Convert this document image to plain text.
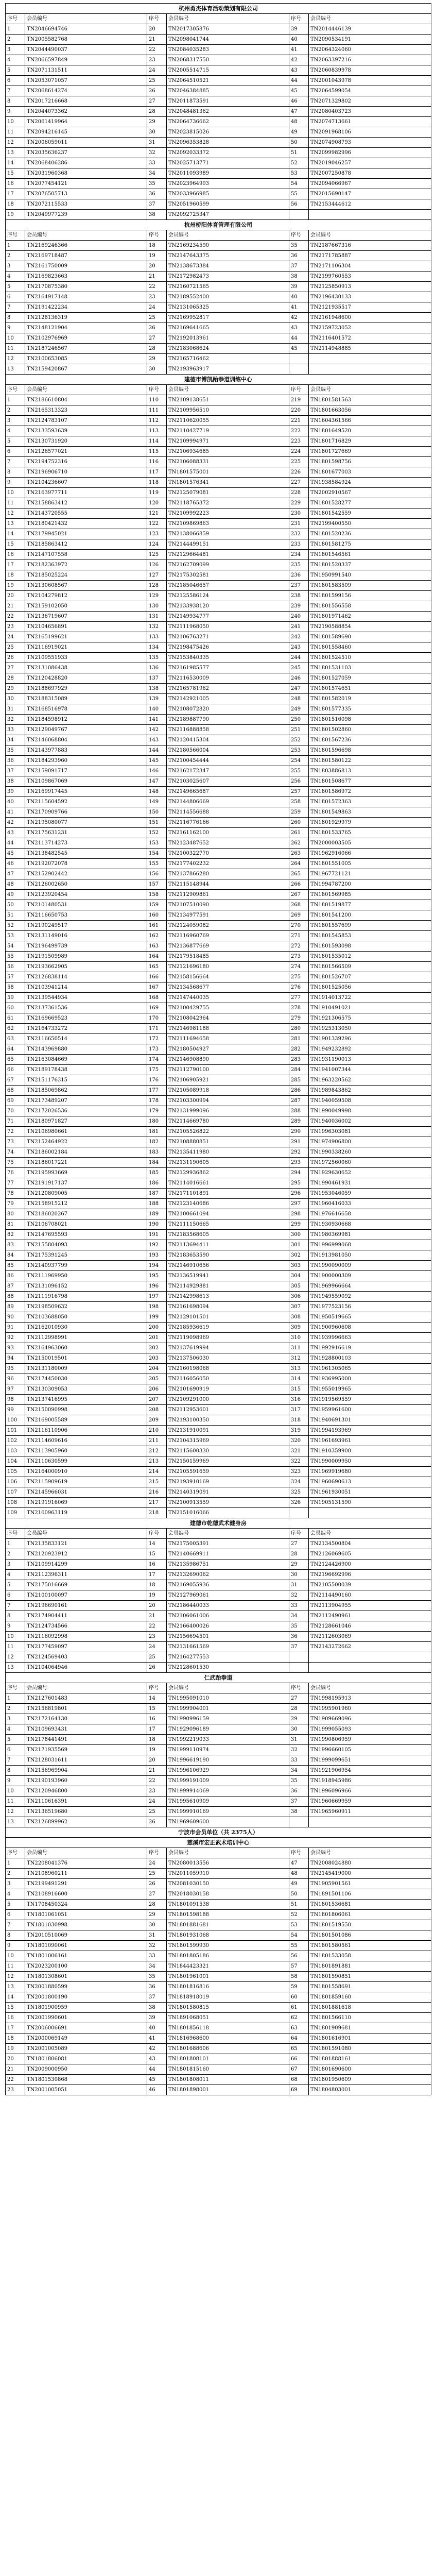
杭州勇杰体育活动策划有限公司					
序号	会员编号	序号	会员编号	序号	会员编号
1	TN2046694746	20	TN2017305876	39	TN2014446139
2	TN2005582768	21	TN2098041744	40	TN2090534191
3	TN2044490037	22	TN2084035283	41	TN2064324060
4	TN2066597849	23	TN2068317550	42	TN2063397216
5	TN2071131511	24	TN2005514715	43	TN2060839978
6	TN2053071057	25	TN2064510521	44	TN2001043978
7	TN2068614274	26	TN2046384885	45	TN2064599054
8	TN2017216668	27	TN2011873591	46	TN2071329802
9	TN2044073362	28	TN2048481362	47	TN2080403723
10	TN2061419964	29	TN2064736662	48	TN2074713661
11	TN2094216145	30	TN2023815026	49	TN2091968106
12	TN2006059011	31	TN2096353828	50	TN2074908793
13	TN2035636237	32	TN2092033372	51	TN2099982996
14	TN2068406286	33	TN2025713771	52	TN2019046257
15	TN2031960368	34	TN2011093989	53	TN2007250878
16	TN2077454121	35	TN2023964993	54	TN2094066967
17	TN2076505713	36	TN2033966985	55	TN2015690147
18	TN2072115533	37	TN2051960599	56	TN2153444612
19	TN2049977239	38	TN2092725347		
杭州桥阳体育管理有限公司					
序号	会员编号	序号	会员编号	序号	会员编号
1	TN2169246366	18	TN2169234590	35	TN2187667316
2	TN2169718487	19	TN2147643375	36	TN2171785887
3	TN2161750009	20	TN2138673384	37	TN2171106304
4	TN2169823663	21	TN2172982473	38	TN2199760553
5	TN2170875380	22	TN2160721565	39	TN2125850913
6	TN2164917148	23	TN2189552400	40	TN2196430133
7	TN2191422234	24	TN2131065325	41	TN2121935517
8	TN2128136319	25	TN2169952817	42	TN2161948600
9	TN2148121904	26	TN2169641665	43	TN2159723052
10	TN2102976969	27	TN2192013961	44	TN2116401572
11	TN2187246567	28	TN2183068624	45	TN2114948885
12	TN2100653085	29	TN2165716462		
13	TN2159420867	30	TN2193963917		
建德市博凯跆拳道训练中心					
序号	会员编号	序号	会员编号	序号	会员编号
1	TN2186610804	110	TN2109138651	219	TN1801581563
2	TN2165313323	111	TN2109956510	220	TN1801663056
3	TN2124783107	112	TN2110620055	221	TN1604361566
4	TN2133593639	113	TN2110427719	222	TN1801649520
5	TN2130731920	114	TN2109994971	223	TN1801716829
6	TN2126577021	115	TN2106934685	224	TN1801727669
7	TN2194752316	116	TN2106088331	225	TN1801598756
8	TN2196906710	117	TN1801575001	226	TN1801677003
9	TN2104236607	118	TN1801576341	227	TN1938584924
10	TN2163977711	119	TN2125079081	228	TN2002910567
11	TN2158863412	120	TN2118765372	229	TN1801528277
12	TN2143720555	121	TN2109992223	230	TN1801542559
13	TN2180421432	122	TN2109869863	231	TN2199400550
14	TN2179945021	123	TN2138066859	232	TN1801520236
15	TN2185863412	124	TN2144499151	233	TN1801581275
16	TN2147107558	125	TN2129664481	234	TN1801546561
17	TN2182363972	126	TN2162709099	235	TN1801520337
18	TN2185025224	127	TN2175302581	236	TN1950991540
19	TN2130608567	128	TN2185046657	237	TN1801583509
20	TN2104279812	129	TN2125586124	238	TN1801599156
21	TN2159102050	130	TN2133938120	239	TN1801556558
22	TN2136719607	131	TN2149934777	240	TN1801971462
23	TN2104656891	132	TN2111968050	241	TN2190588854
24	TN2165199621	133	TN2106763271	242	TN1801589690
25	TN2116919021	134	TN2198475426	243	TN1801558460
26	TN2109551933	135	TN2153840335	244	TN1801524510
27	TN2131086438	136	TN2161985577	245	TN1801531103
28	TN2120428820	137	TN2116530009	246	TN1801527059
29	TN2188697929	138	TN2165781962	247	TN1801574651
30	TN2188315089	139	TN2142921005	248	TN1801582019
31	TN2168516978	140	TN2108072820	249	TN1801577335
32	TN2184598912	141	TN2189887790	250	TN1801516098
33	TN2129049767	142	TN2116888858	251	TN1801502860
34	TN2146068804	143	TN2120415304	252	TN1801567236
35	TN2143977883	144	TN2180566004	253	TN1801596698
36	TN2184293960	145	TN2100454444	254	TN1801580122
37	TN2159091717	146	TN2162172347	255	TN1803886813
38	TN2109867069	147	TN2103025607	256	TN1801508677
39	TN2169917445	148	TN2149665687	257	TN1801586972
40	TN2115604592	149	TN2144806669	258	TN1801572363
41	TN2170909766	150	TN2114556688	259	TN1801549863
42	TN2195080077	151	TN2116776166	260	TN1801929979
43	TN2175631231	152	TN2161162100	261	TN1801533765
44	TN2113714273	153	TN2123487652	262	TN2000003505
45	TN2138482545	154	TN2100322770	263	TN1962916066
46	TN2192072078	155	TN2177402232	264	TN1801551005
47	TN2152902442	156	TN2137866280	265	TN1967721121
48	TN2126002650	157	TN2115148944	266	TN1994787200
49	TN2123920454	158	TN2112909861	267	TN1801569985
50	TN2101480531	159	TN2107510090	268	TN1801519877
51	TN2116650753	160	TN2134977591	269	TN1801541200
52	TN2190249517	161	TN2124059082	270	TN1801557699
53	TN2131149016	162	TN2116960769	271	TN1801545853
54	TN2196499739	163	TN2136877669	272	TN1801593098
55	TN2191509989	164	TN2179518485	273	TN1801535012
56	TN2193662905	165	TN2121696180	274	TN1801566509
57	TN2126838114	166	TN2158156664	275	TN1801526707
58	TN2103941214	167	TN2134568677	276	TN1801525056
59	TN2139544934	168	TN2147440035	277	TN1914013722
60	TN2137361536	169	TN2100429755	278	TN1910491021
61	TN2169669523	170	TN2108042964	279	TN1921306575
62	TN2164733272	171	TN2146981188	280	TN1925313050
63	TN2116650514	172	TN2111694658	281	TN1901339296
64	TN2143969880	173	TN2180504927	282	TN1949232892
65	TN2163084669	174	TN2146908890	283	TN1931190013
66	TN2189178438	175	TN2112790100	284	TN1941007344
67	TN2151176315	176	TN2106905921	285	TN1963220562
68	TN2185069862	177	TN2105089918	286	TN1989843862
69	TN2173489207	178	TN2103300994	287	TN1940059508
70	TN2172026536	179	TN2131999096	288	TN1990049998
71	TN2180971827	180	TN2114669780	289	TN1940036002
72	TN2106980661	181	TN2105526822	290	TN1996303081
73	TN2152464922	182	TN2108880851	291	TN1974906800
74	TN2186002184	183	TN2135411980	292	TN1990338260
75	TN2186017221	184	TN2131190605	293	TN1972560060
76	TN2195993669	185	TN2129936862	294	TN1929630652
77	TN2191917137	186	TN2114016661	295	TN1990461931
78	TN2120809005	187	TN2171101891	296	TN1953046059
79	TN2158915212	188	TN2123140686	297	TN1960416033
80	TN2186020267	189	TN2100661094	298	TN1976616658
81	TN2106708021	190	TN2111150665	299	TN1930930668
82	TN2147695593	191	TN2183568605	300	TN1980369981
83	TN2155804093	192	TN2113694411	301	TN1996999068
84	TN2175391245	193	TN2183653590	302	TN1913981050
85	TN2140937799	194	TN2146910656	303	TN1990090009
86	TN2111969950	195	TN2136519941	304	TN1900000309
87	TN2131096152	196	TN2114929881	305	TN1969966664
88	TN2111916798	197	TN2142998613	306	TN1949559092
89	TN2198509632	198	TN2161698094	307	TN1977523156
90	TN2103688050	199	TN2129101501	308	TN1950519665
91	TN2162010930	200	TN2185936619	309	TN1900960608
92	TN2112998991	201	TN2119098969	310	TN1939996663
93	TN2164963060	202	TN2137619994	311	TN1992916619
94	TN2150019501	203	TN2137506030	312	TN1928800103
95	TN2131180009	204	TN2160198068	313	TN1961305065
96	TN2174450030	205	TN2116056050	314	TN1936995000
97	TN2130309053	206	TN2101690919	315	TN1955019965
98	TN2137416995	207	TN2109291000	316	TN1919569559
99	TN2150090998	208	TN2112953601	317	TN1959961600
100	TN2169005589	209	TN2193100350	318	TN1940691301
101	TN2116110906	210	TN2131910091	319	TN1994193969
102	TN2114609616	211	TN2104315969	320	TN1961693961
103	TN2113905960	212	TN2115600330	321	TN1910359900
104	TN2110630599	213	TN2150159969	322	TN1990009950
105	TN2164000910	214	TN2105591659	323	TN1969919680
106	TN2115909619	215	TN2193910169	324	TN1960690613
107	TN2145966031	216	TN2140319091	325	TN1961930051
108	TN2191916069	217	TN2100913559	326	TN1905131590
109	TN2160963119	218	TN2151016066		
建德市乾德武术健身房					
序号	会员编号	序号	会员编号	序号	会员编号
1	TN2135833121	14	TN2175005391	27	TN2134500804
2	TN2120923912	15	TN2140669911	28	TN2126069605
3	TN2109914299	16	TN2135986751	29	TN2124426900
4	TN2112396311	17	TN2132690062	30	TN2196692996
5	TN2175016669	18	TN2169055936	31	TN2105500039
6	TN2100100097	19	TN2127969061	32	TN2114490160
7	TN2196690161	20	TN2186440033	33	TN2113904955
8	TN2174904411	21	TN2106061006	34	TN2112490961
9	TN2124734566	22	TN2166400026	35	TN2128661046
10	TN2116092998	23	TN2156694501	36	TN2112603069
11	TN2177459097	24	TN2131661569	37	TN2143272662
12	TN2124569403	25	TN2164277553		
13	TN2104064946	26	TN2128601530		
仁武跆拳道					
序号	会员编号	序号	会员编号	序号	会员编号
1	TN2127601483	14	TN1995091010	27	TN1998195913
2	TN2156819801	15	TN1999904001	28	TN1995901960
3	TN2172164130	16	TN1990996159	29	TN1909669096
4	TN2109693431	17	TN1929096189	30	TN1999055093
5	TN2178441491	18	TN1992219033	31	TN1990806959
6	TN2171935569	19	TN1999110974	32	TN1996660105
7	TN2128031611	20	TN1996619190	33	TN1999099651
8	TN2156969904	21	TN1996106929	34	TN1921906954
9	TN2190193960	22	TN1999191009	35	TN1918945986
10	TN2120946800	23	TN1999914069	36	TN1996096966
11	TN2110616391	24	TN1995610909	37	TN1960669959
12	TN2136519680	25	TN1999910169	38	TN1965960911
13	TN2126899962	26	TN1969609600		
宁波市会员单位（共 2375人）					
慈溪市宏正武术培训中心					
序号	会员编号	序号	会员编号	序号	会员编号
1	TN2208041376	24	TN2080013556	47	TN2008024880
2	TN2108960211	25	TN2011059910	48	TN2145419000
3	TN2199491291	26	TN2081030150	49	TN1905901561
4	TN2108916600	27	TN2018030158	50	TN1891501106
5	TN1708450324	28	TN1801091538	51	TN1801536681
6	TN1801061051	29	TN1801598188	52	TN1801806061
7	TN1801030998	30	TN1801881681	53	TN1801519550
8	TN2010510069	31	TN1801931068	54	TN1801501086
9	TN1801090061	32	TN1801599930	55	TN1801580561
10	TN1801006161	33	TN1801805186	56	TN1801533058
11	TN2023200100	34	TN1844423321	57	TN1801891881
12	TN1801308601	35	TN1801961001	58	TN1801590851
13	TN2001880599	36	TN1801816816	59	TN1801558691
14	TN2001800190	37	TN1818918019	60	TN1801859160
15	TN1801900959	38	TN1801580815	61	TN1801881618
16	TN2001990601	39	TN1891068051	62	TN1801566110
17	TN2006006691	40	TN1801856118	63	TN1801909681
18	TN2000069149	41	TN1816968600	64	TN1801616901
19	TN2001005089	42	TN1801688606	65	TN1801591080
20	TN1801806081	43	TN1801808101	66	TN1801888161
21	TN2009000950	44	TN1801815160	67	TN1801690600
22	TN1801530868	45	TN1801808011	68	TN1801950609
23	TN2001005051	46	TN1801898001	69	TN1804803001
